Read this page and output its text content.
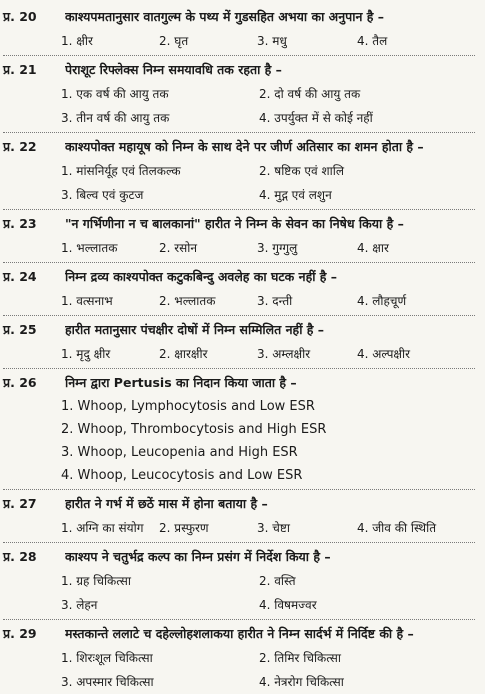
प्र. 20	काश्यपमतानुसार वातगुल्म के पथ्य में गुडसहित अभया का अनुपान है –
1. क्षीर	2. घृत	3. मधु	4. तैल
प्र. 21	पेराशूट रिफ्लेक्स निम्न समयावधि तक रहता है –
1. एक वर्ष की आयु तक	2. दो वर्ष की आयु तक
3. तीन वर्ष की आयु तक	4. उपर्युक्त में से कोई नहीं
प्र. 22	काश्यपोक्त महायूष को निम्न के साथ देने पर जीर्ण अतिसार का शमन होता है –
1. मांसनिर्यूह एवं तिलकल्क	2. षष्टिक एवं शालि
3. बिल्व एवं कुटज	4. मुद्ग एवं लशुन
प्र. 23	"न गर्भिणीना न च बालकानां" हारीत ने निम्न के सेवन का निषेध किया है –
1. भल्लातक	2. रसोन	3. गुग्गुलु	4. क्षार
प्र. 24	निम्न द्रव्य काश्यपोक्त कटुकबिन्दु अवलेह का घटक नहीं है –
1. वत्सनाभ	2. भल्लातक	3. दन्ती	4. लौहचूर्ण
प्र. 25	हारीत मतानुसार पंचक्षीर दोषों में निम्न सम्मिलित नहीं है –
1. मृदु क्षीर	2. क्षारक्षीर	3. अम्लक्षीर	4. अल्पक्षीर
प्र. 26	निम्न द्वारा Pertusis का निदान किया जाता है –
1. Whoop, Lymphocytosis and Low ESR
2. Whoop, Thrombocytosis and High ESR
3. Whoop, Leucopenia and High ESR
4. Whoop, Leucocytosis and Low ESR
प्र. 27	हारीत ने गर्भ में छठें मास में होना बताया है –
1. अग्नि का संयोग	2. प्रस्फुरण	3. चेष्टा	4. जीव की स्थिति
प्र. 28	काश्यप ने चतुर्भद्र कल्प का निम्न प्रसंग में निर्देश किया है –
1. ग्रह चिकित्सा	2. वस्ति
3. लेहन	4. विषमज्वर
प्र. 29	मस्तकान्ते ललाटे च दहेल्लोहशलाकया हारीत ने निम्न सार्दर्भ में निर्दिष्ट की है –
1. शिरःशूल चिकित्सा	2. तिमिर चिकित्सा
3. अपस्मार चिकित्सा	4. नेत्ररोग चिकित्सा
